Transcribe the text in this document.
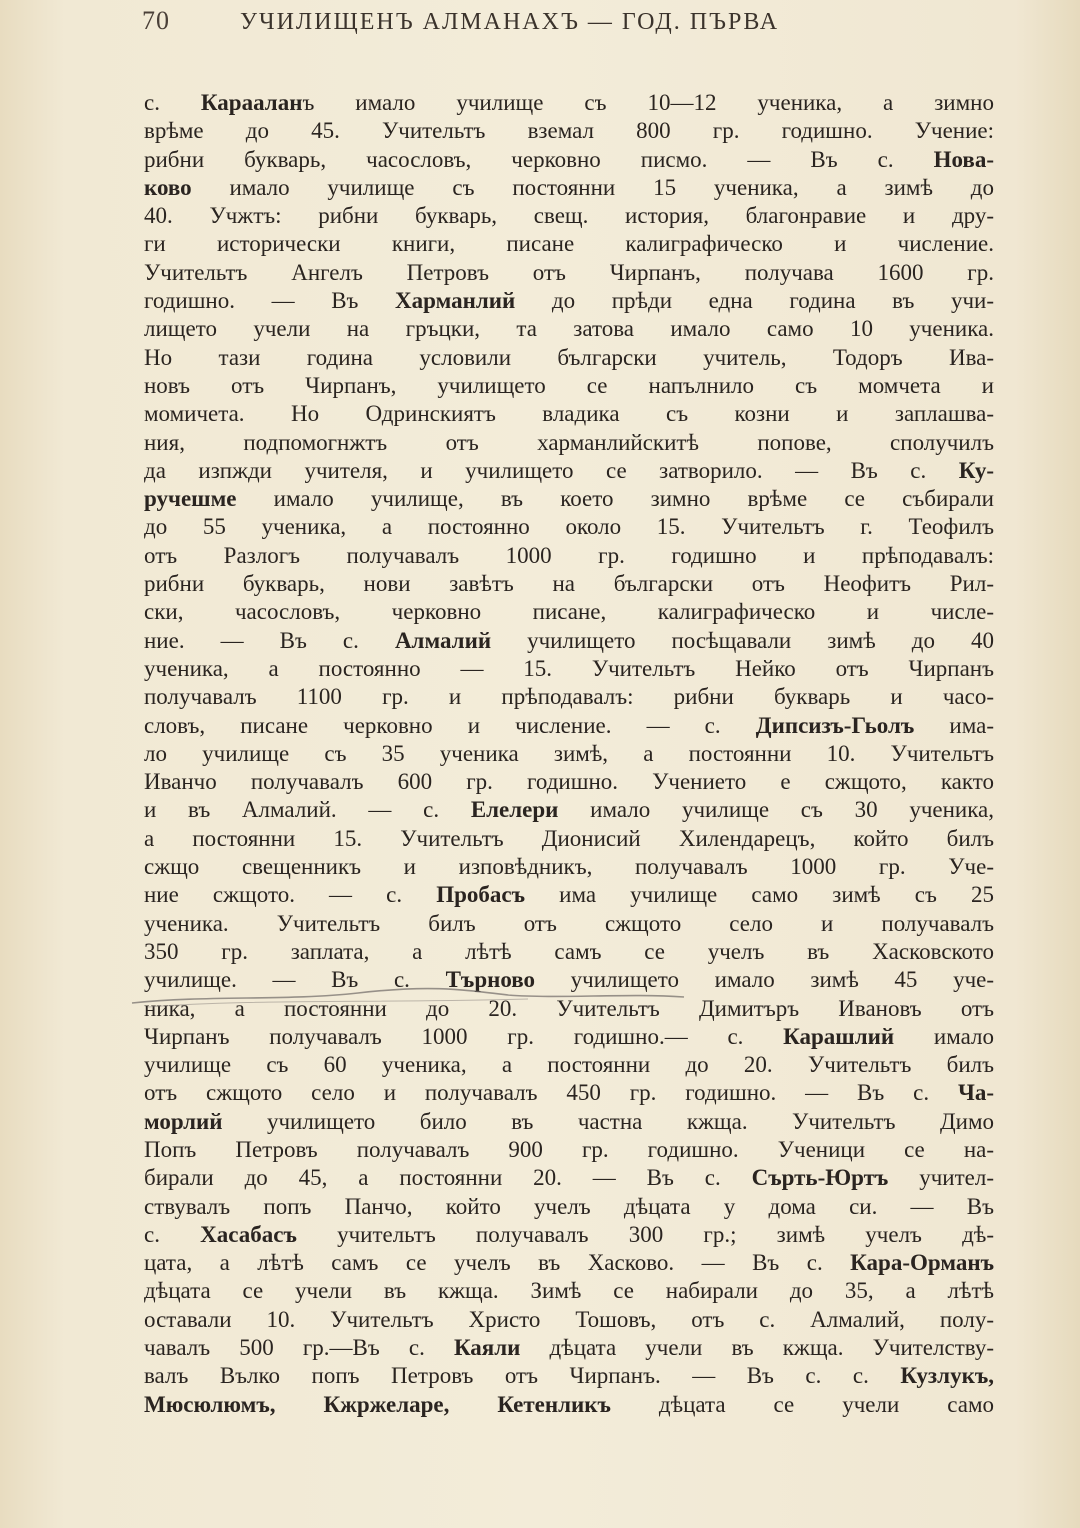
70	УЧИЛИЩЕНЪ АЛМАНАХЪ — ГОД. ПЪРВА
с. Карааланъ имало училище съ 10—12 ученика, а зимно
врѣме до 45. Учительтъ вземал 800 гр. годишно. Учение:
рибни букварь, часословъ, черковно писмо. — Въ с. Нова-
ково имало училище съ постоянни 15 ученика, а зимѣ до
40. Учжтъ: рибни букварь, свещ. история, благонравие и дру-
ги исторически книги, писане калиграфическо и числение.
Учительтъ Ангелъ Петровъ отъ Чирпанъ, получава 1600 гр.
годишно. — Въ Харманлий до прѣди една година въ учи-
лището учели на гръцки, та затова имало само 10 ученика.
Но тази година условили български учитель, Тодоръ Ива-
новъ отъ Чирпанъ, училището се напълнило съ момчета и
момичета. Но Одринскиятъ владика съ козни и заплашва-
ния, подпомогнжтъ отъ харманлийскитѣ попове, сполучилъ
да изпжди учителя, и училището се затворило. — Въ с. Ку-
ручешме имало училище, въ което зимно врѣме се събирали
до 55 ученика, а постоянно около 15. Учительтъ г. Теофилъ
отъ Разлогъ получавалъ 1000 гр. годишно и прѣподавалъ:
рибни букварь, нови завѣтъ на български отъ Неофитъ Рил-
ски, часословъ, черковно писане, калиграфическо и числе-
ние. — Въ с. Алмалий училището посѣщавали зимѣ до 40
ученика, а постоянно — 15. Учительтъ Нейко отъ Чирпанъ
получавалъ 1100 гр. и прѣподавалъ: рибни букварь и часо-
словъ, писане черковно и числение. — с. Дипсизъ-Гьолъ има-
ло училище съ 35 ученика зимѣ, а постоянни 10. Учительтъ
Иванчо получавалъ 600 гр. годишно. Учението е сжщото, както
и въ Алмалий. — с. Елелери имало училище съ 30 ученика,
а постоянни 15. Учительтъ Дионисий Хилендарецъ, който билъ
сжщо свещенникъ и изповѣдникъ, получавалъ 1000 гр. Уче-
ние сжщото. — с. Пробасъ има училище само зимѣ съ 25
ученика. Учительтъ билъ отъ сжщото село и получавалъ
350 гр. заплата, а лѣтѣ самъ се учелъ въ Хасковското
училище. — Въ с. Търново училището имало зимѣ 45 уче-
ника, а постоянни до 20. Учительтъ Димитъръ Ивановъ отъ
Чирпанъ получавалъ 1000 гр. годишно.— с. Карашлий имало
училище съ 60 ученика, а постоянни до 20. Учительтъ билъ
отъ сжщото село и получавалъ 450 гр. годишно. — Въ с. Ча-
морлий училището било въ частна кжща. Учительтъ Димо
Попъ Петровъ получавалъ 900 гр. годишно. Ученици се на-
бирали до 45, а постоянни 20. — Въ с. Сърть-Юртъ учител-
ствувалъ попъ Панчо, който учелъ дѣцата у дома си. — Въ
с. Хасабасъ учительтъ получавалъ 300 гр.; зимѣ учелъ дѣ-
цата, а лѣтѣ самъ се учелъ въ Хасково. — Въ с. Кара-Орманъ
дѣцата се учели въ кжща. Зимѣ се набирали до 35, а лѣтѣ
оставали 10. Учительтъ Христо Тошовъ, отъ с. Алмалий, полу-
чавалъ 500 гр.—Въ с. Каяли дѣцата учели въ кжща. Учителству-
валъ Вълко попъ Петровъ отъ Чирпанъ. — Въ с. с. Кузлукъ,
Мюсюлюмъ, Кжржеларе, Кетенликъ дѣцата се учели само
